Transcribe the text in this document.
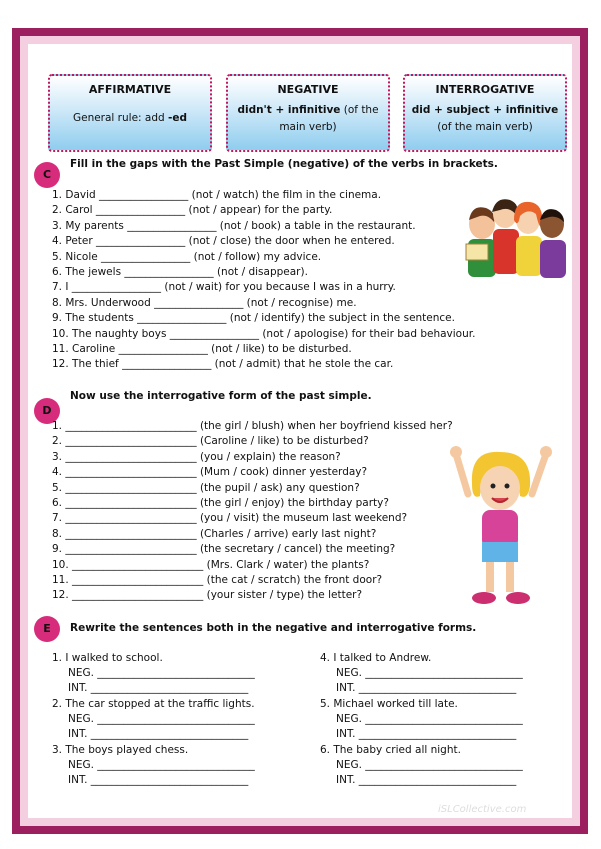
AFFIRMATIVE
General rule: add -ed
NEGATIVE
didn't + infinitive (of the
main verb)
INTERROGATIVE
did + subject + infinitive
(of the main verb)
C
Fill in the gaps with the Past Simple (negative) of the verbs in brackets.
1. David _________________ (not / watch) the film in the cinema.
2. Carol _________________ (not / appear) for the party.
3. My parents _________________ (not / book) a table in the restaurant.
4. Peter _________________ (not / close) the door when he entered.
5. Nicole _________________ (not / follow) my advice.
6. The jewels _________________ (not / disappear).
7. I _________________ (not / wait) for you because I was in a hurry.
8. Mrs. Underwood _________________ (not / recognise) me.
9. The students _________________ (not / identify) the subject in the sentence.
10. The naughty boys _________________ (not / apologise) for their bad behaviour.
11. Caroline _________________ (not / like) to be disturbed.
12. The thief _________________ (not / admit) that he stole the car.
D
Now use the interrogative form of the past simple.
1. _________________________ (the girl / blush) when her boyfriend kissed her?
2. _________________________ (Caroline / like) to be disturbed?
3. _________________________ (you / explain) the reason?
4. _________________________ (Mum / cook) dinner yesterday?
5. _________________________ (the pupil / ask) any question?
6. _________________________ (the girl / enjoy) the birthday party?
7. _________________________ (you / visit) the museum last weekend?
8. _________________________ (Charles / arrive) early last night?
9. _________________________ (the secretary / cancel) the meeting?
10. _________________________ (Mrs. Clark / water) the plants?
11. _________________________ (the cat / scratch) the front door?
12. _________________________ (your sister / type) the letter?
E	Rewrite the sentences both in the negative and interrogative forms.
1. I walked to school.
NEG. ______________________________
INT. ______________________________
2. The car stopped at the traffic lights.
NEG. ______________________________
INT. ______________________________
3. The boys played chess.
NEG. ______________________________
INT. ______________________________
4. I talked to Andrew.
NEG. ______________________________
INT. ______________________________
5. Michael worked till late.
NEG. ______________________________
INT. ______________________________
6. The baby cried all night.
NEG. ______________________________
INT. ______________________________
iSLCollective.com
